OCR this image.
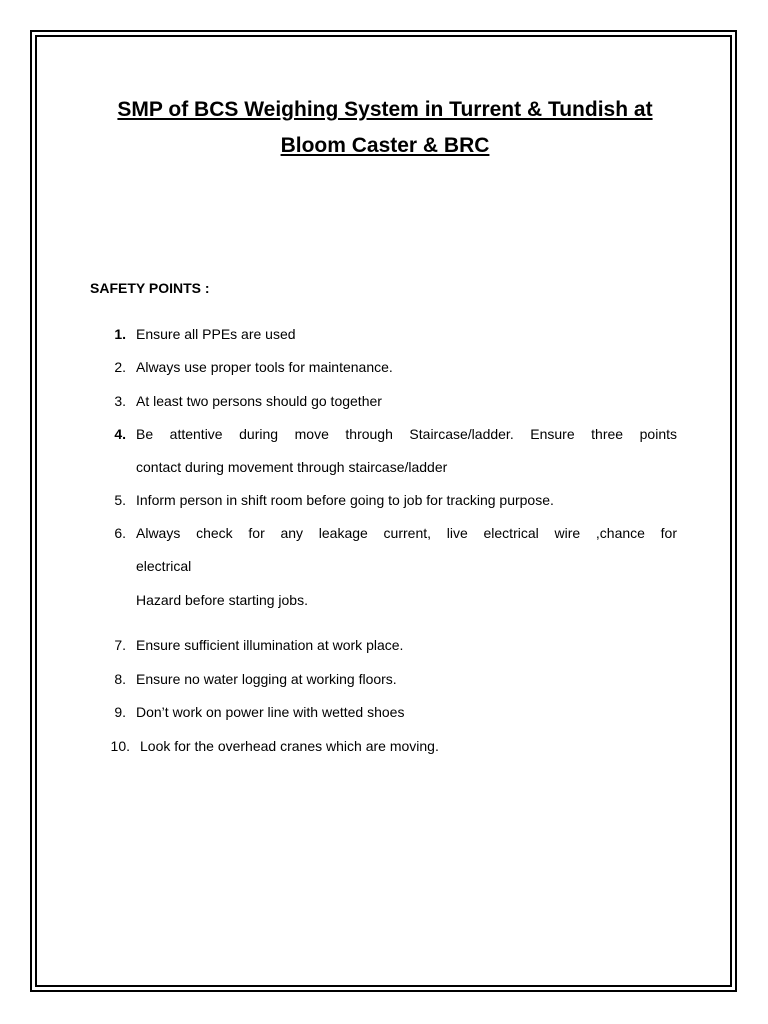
SMP of BCS Weighing System in Turrent & Tundish at
Bloom Caster & BRC
SAFETY POINTS :
1. Ensure all PPEs are used
2. Always use proper tools for maintenance.
3. At least two persons should go together
4. Be attentive during move through Staircase/ladder. Ensure three points
contact during movement through staircase/ladder
5. Inform person in shift room before going to job for tracking purpose.
6. Always check for any leakage current, live electrical wire ,chance for
electrical
Hazard before starting jobs.
7. Ensure sufficient illumination at work place.
8. Ensure no water logging at working floors.
9. Don’t work on power line with wetted shoes
10. Look for the overhead cranes which are moving.
